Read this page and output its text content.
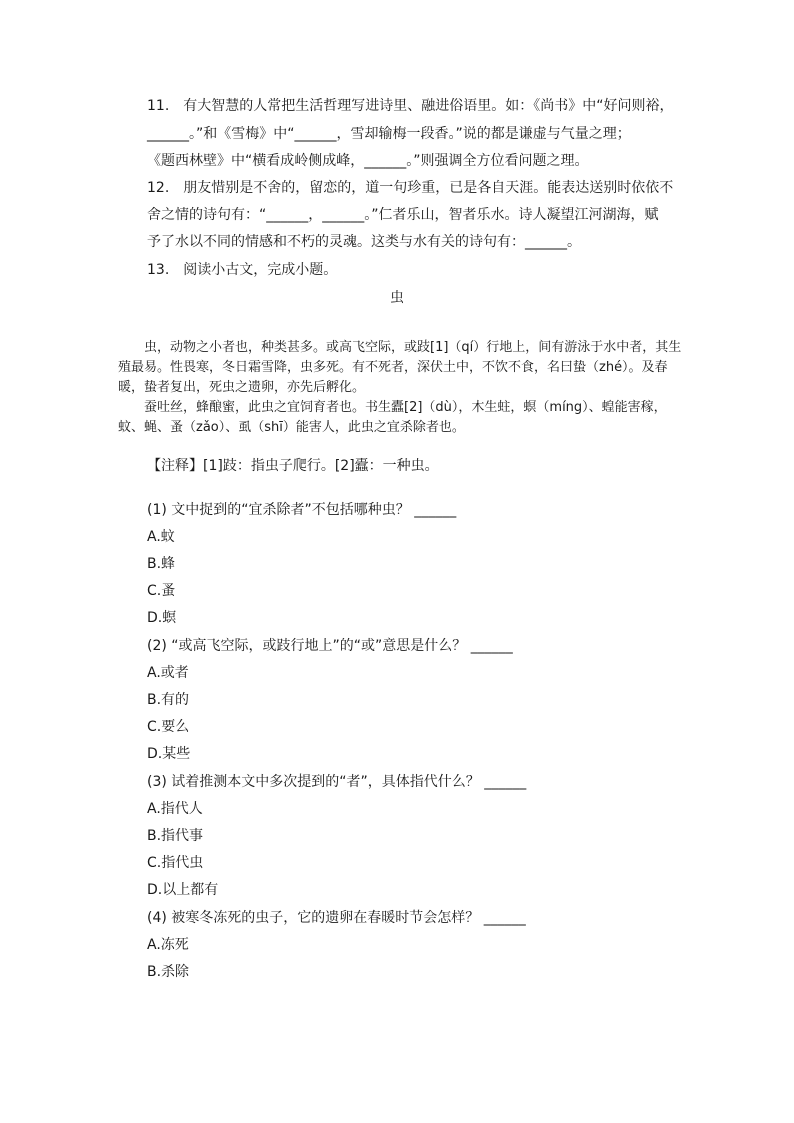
11.　有大智慧的人常把生活哲理写进诗里、融进俗语里。如：《尚书》中“好问则裕，
______。”和《雪梅》中“______，雪却输梅一段香。”说的都是谦虚与气量之理；
《题西林壁》中“横看成岭侧成峰，______。”则强调全方位看问题之理。
12.　朋友惜别是不舍的，留恋的，道一句珍重，已是各自天涯。能表达送别时依依不
舍之情的诗句有：“______，______。”仁者乐山，智者乐水。诗人凝望江河湖海，赋
予了水以不同的情感和不朽的灵魂。这类与水有关的诗句有：______。
13.　阅读小古文，完成小题。
虫

　　虫，动物之小者也，种类甚多。或高飞空际，或跂[1]（qí）行地上，间有游泳于水中者，其生殖最易。性畏寒，冬日霜雪降，虫多死。有不死者，深伏土中，不饮不食，名曰蛰（zhé）。及春暖，蛰者复出，死虫之遗卵，亦先后孵化。

　　蚕吐丝，蜂酿蜜，此虫之宜饲育者也。书生蠹[2]（dù），木生蛀，螟（míng）、蝗能害稼，蚊、蝇、蚤（zǎo）、虱（shī）能害人，此虫之宜杀除者也。

【注释】[1]跂：指虫子爬行。[2]蠹：一种虫。
(1) 文中捉到的“宜杀除者”不包括哪种虫？ ______
A.蚊
B.蜂
C.蚤
D.螟
(2) “或高飞空际，或跂行地上”的“或”意思是什么？ ______
A.或者
B.有的
C.要么
D.某些
(3) 试着推测本文中多次提到的“者”，具体指代什么？ ______
A.指代人
B.指代事
C.指代虫
D.以上都有
(4) 被寒冬冻死的虫子，它的遗卵在春暖时节会怎样？ ______
A.冻死
B.杀除
